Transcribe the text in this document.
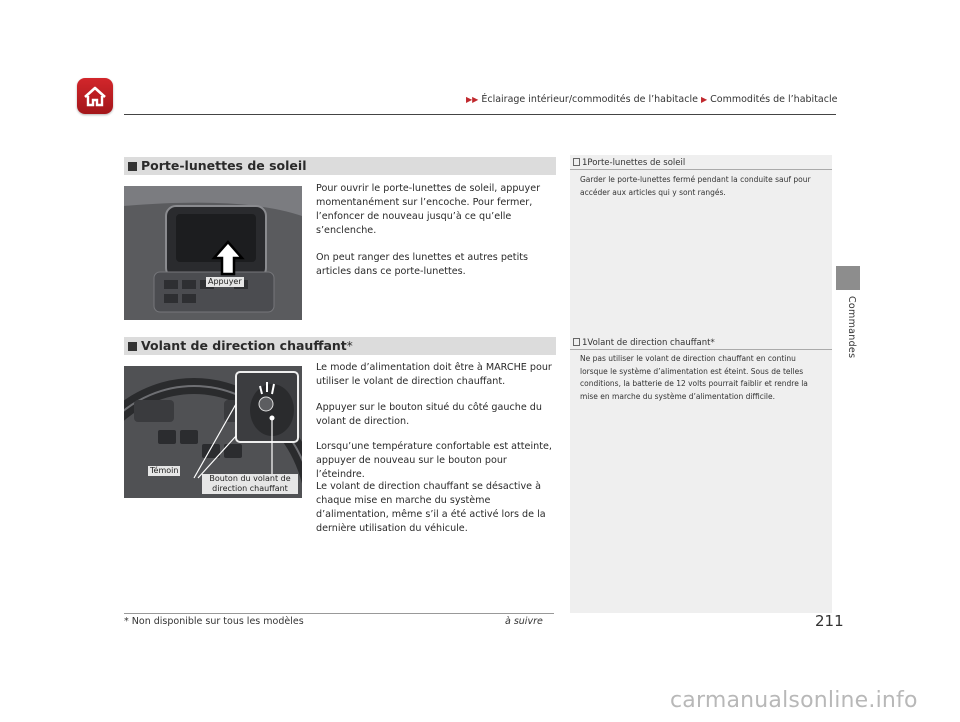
▶▶ Éclairage intérieur/commodités de l’habitacle ▶ Commodités de l’habitacle
Commandes
Porte-lunettes de soleil
Appuyer
Pour ouvrir le porte-lunettes de soleil, appuyer momentanément sur l’encoche. Pour fermer, l’enfoncer de nouveau jusqu’à ce qu’elle s’enclenche.
On peut ranger des lunettes et autres petits articles dans ce porte-lunettes.
Volant de direction chauffant*
Témoin
Bouton du volant de direction chauffant
Le mode d’alimentation doit être à MARCHE pour utiliser le volant de direction chauffant.
Appuyer sur le bouton situé du côté gauche du volant de direction.
Lorsqu’une température confortable est atteinte, appuyer de nouveau sur le bouton pour l’éteindre.
Le volant de direction chauffant se désactive à chaque mise en marche du système d’alimentation, même s’il a été activé lors de la dernière utilisation du véhicule.
1Porte-lunettes de soleil
Garder le porte-lunettes fermé pendant la conduite sauf pour accéder aux articles qui y sont rangés.
1Volant de direction chauffant*
Ne pas utiliser le volant de direction chauffant en continu lorsque le système d’alimentation est éteint. Sous de telles conditions, la batterie de 12 volts pourrait faiblir et rendre la mise en marche du système d’alimentation difficile.
* Non disponible sur tous les modèles	à suivre	211
carmanualsonline.info
